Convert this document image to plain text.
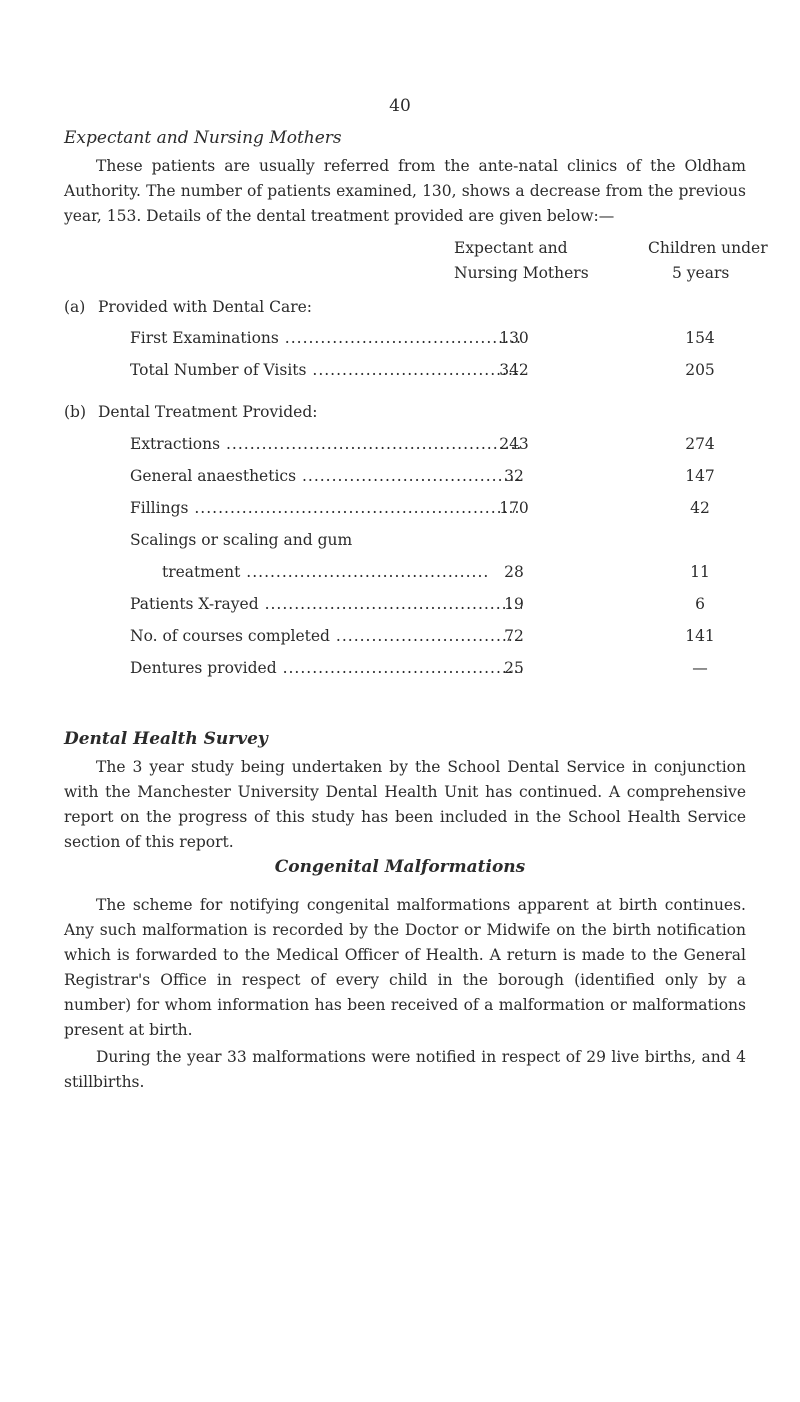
40
Expectant and Nursing Mothers

These patients are usually referred from the ante-natal clinics of the Oldham Authority. The number of patients examined, 130, shows a decrease from the previous year, 153. Details of the dental treatment provided are given below:—

Expectant and
Nursing Mothers
Children under
5 years
(a) Provided with Dental Care:
First Examinations .....	130	154
Total Number of Visits .....	342	205
(b) Dental Treatment Provided:
Extractions .....	243	274
General anaesthetics .....	32	147
Fillings .....	170	42
Scalings or scaling and gum
treatment .....	28	11
Patients X-rayed .....	19	6
No. of courses completed .....	72	141
Dentures provided .....	25	—
Dental Health Survey

The 3 year study being undertaken by the School Dental Service in conjunction with the Manchester University Dental Health Unit has continued. A comprehensive report on the progress of this study has been included in the School Health Service section of this report.

Congenital Malformations

The scheme for notifying congenital malformations apparent at birth continues. Any such malformation is recorded by the Doctor or Midwife on the birth notification which is forwarded to the Medical Officer of Health. A return is made to the General Registrar's Office in respect of every child in the borough (identified only by a number) for whom information has been received of a malformation or malformations present at birth.

During the year 33 malformations were notified in respect of 29 live births, and 4 stillbirths.
